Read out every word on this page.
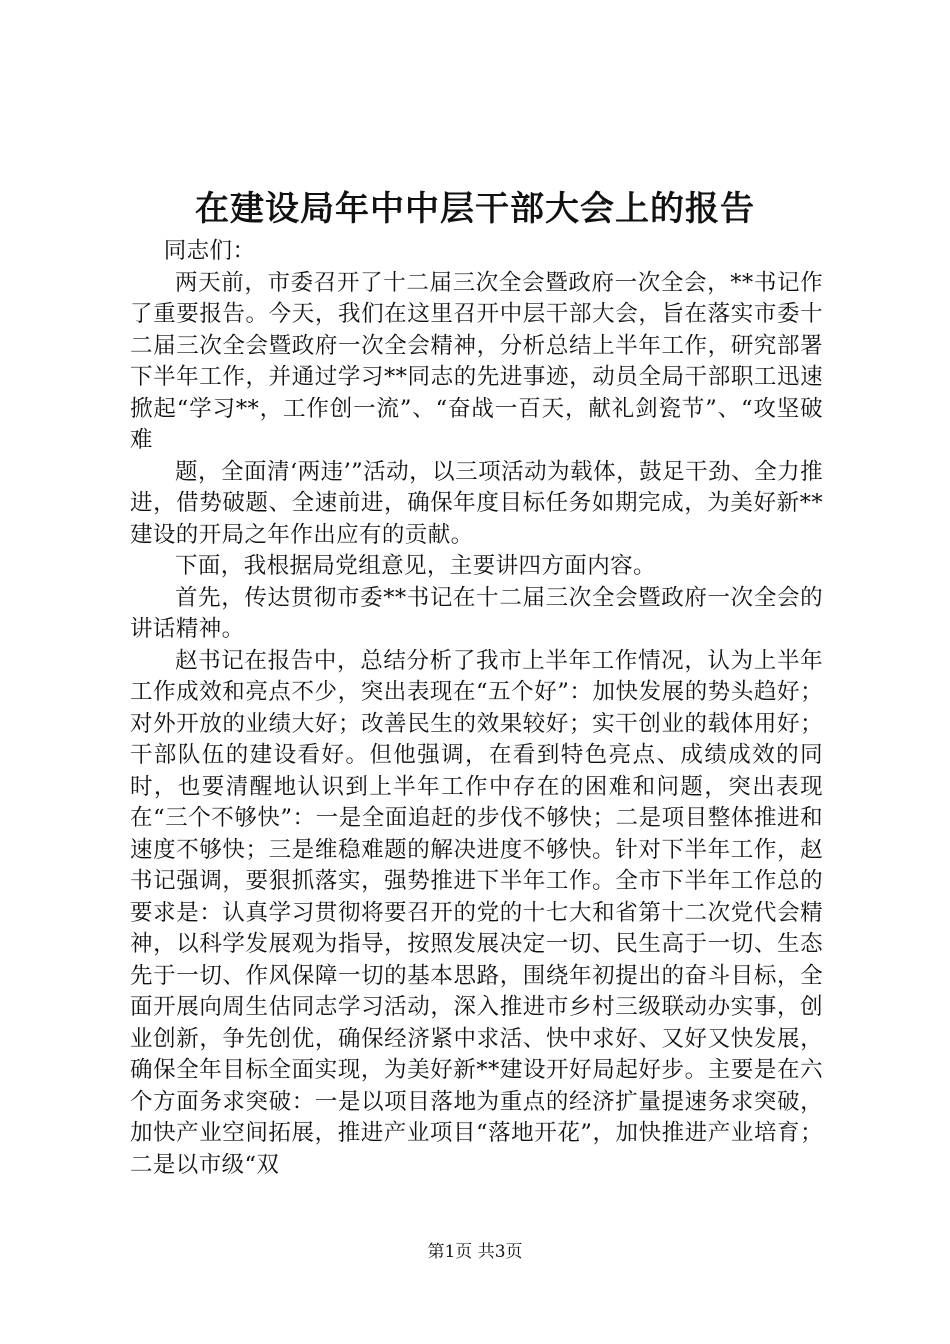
在建设局年中中层干部大会上的报告

同志们：

两天前，市委召开了十二届三次全会暨政府一次全会，**书记作了重要报告。今天，我们在这里召开中层干部大会，旨在落实市委十二届三次全会暨政府一次全会精神，分析总结上半年工作，研究部署下半年工作，并通过学习**同志的先进事迹，动员全局干部职工迅速掀起“学习**，工作创一流”、“奋战一百天，献礼剑瓷节”、“攻坚破难

题，全面清‘两违’”活动，以三项活动为载体，鼓足干劲、全力推进，借势破题、全速前进，确保年度目标任务如期完成，为美好新**建设的开局之年作出应有的贡献。

下面，我根据局党组意见，主要讲四方面内容。

首先，传达贯彻市委**书记在十二届三次全会暨政府一次全会的讲话精神。

赵书记在报告中，总结分析了我市上半年工作情况，认为上半年工作成效和亮点不少，突出表现在“五个好”：加快发展的势头趋好；对外开放的业绩大好；改善民生的效果较好；实干创业的载体用好；干部队伍的建设看好。但他强调，在看到特色亮点、成绩成效的同时，也要清醒地认识到上半年工作中存在的困难和问题，突出表现在“三个不够快”：一是全面追赶的步伐不够快；二是项目整体推进和速度不够快；三是维稳难题的解决进度不够快。针对下半年工作，赵书记强调，要狠抓落实，强势推进下半年工作。全市下半年工作总的要求是：认真学习贯彻将要召开的党的十七大和省第十二次党代会精神，以科学发展观为指导，按照发展决定一切、民生高于一切、生态先于一切、作风保障一切的基本思路，围绕年初提出的奋斗目标，全面开展向周生估同志学习活动，深入推进市乡村三级联动办实事，创业创新，争先创优，确保经济紧中求活、快中求好、又好又快发展，确保全年目标全面实现，为美好新**建设开好局起好步。主要是在六个方面务求突破：一是以项目落地为重点的经济扩量提速务求突破，加快产业空间拓展，推进产业项目“落地开花”，加快推进产业培育；二是以市级“双

第1页 共3页
